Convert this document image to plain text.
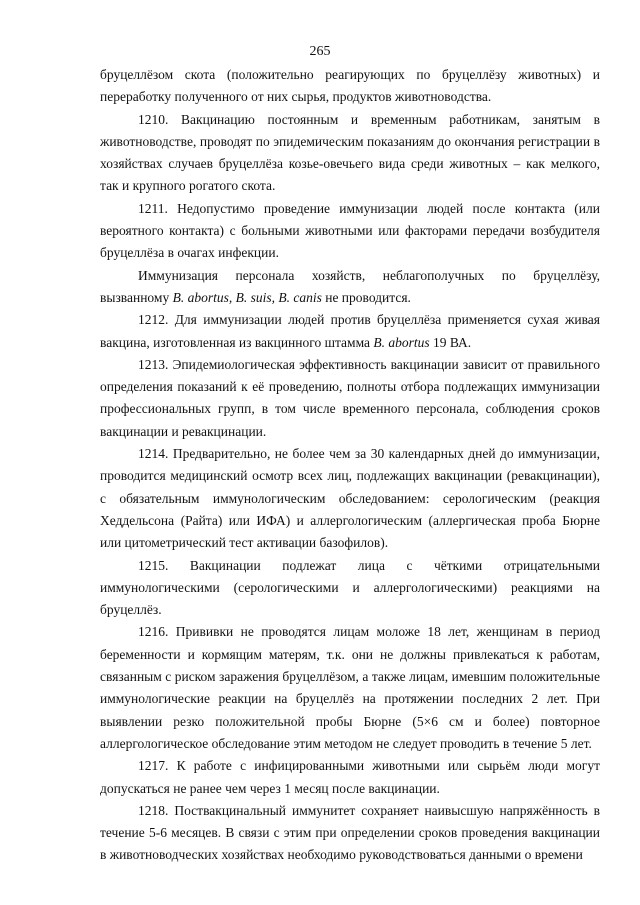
265

бруцеллёзом скота (положительно реагирующих по бруцеллёзу животных) и переработку полученного от них сырья, продуктов животноводства.

1210. Вакцинацию постоянным и временным работникам, занятым в животноводстве, проводят по эпидемическим показаниям до окончания регистрации в хозяйствах случаев бруцеллёза козье-овечьего вида среди животных – как мелкого, так и крупного рогатого скота.

1211. Недопустимо проведение иммунизации людей после контакта (или вероятного контакта) с больными животными или факторами передачи возбудителя бруцеллёза в очагах инфекции.

Иммунизация персонала хозяйств, неблагополучных по бруцеллёзу, вызванному B. abortus, B. suis, B. canis не проводится.

1212. Для иммунизации людей против бруцеллёза применяется сухая живая вакцина, изготовленная из вакцинного штамма B. abortus 19 ВА.

1213. Эпидемиологическая эффективность вакцинации зависит от правильного определения показаний к её проведению, полноты отбора подлежащих иммунизации профессиональных групп, в том числе временного персонала, соблюдения сроков вакцинации и ревакцинации.

1214. Предварительно, не более чем за 30 календарных дней до иммунизации, проводится медицинский осмотр всех лиц, подлежащих вакцинации (ревакцинации), с обязательным иммунологическим обследованием: серологическим (реакция Хеддельсона (Райта) или ИФА) и аллергологическим (аллергическая проба Бюрне или цитометрический тест активации базофилов).

1215. Вакцинации подлежат лица с чёткими отрицательными иммунологическими (серологическими и аллергологическими) реакциями на бруцеллёз.

1216. Прививки не проводятся лицам моложе 18 лет, женщинам в период беременности и кормящим матерям, т.к. они не должны привлекаться к работам, связанным с риском заражения бруцеллёзом, а также лицам, имевшим положительные иммунологические реакции на бруцеллёз на протяжении последних 2 лет. При выявлении резко положительной пробы Бюрне (5×6 см и более) повторное аллергологическое обследование этим методом не следует проводить в течение 5 лет.

1217. К работе с инфицированными животными или сырьём люди могут допускаться не ранее чем через 1 месяц после вакцинации.

1218. Поствакцинальный иммунитет сохраняет наивысшую напряжённость в течение 5-6 месяцев. В связи с этим при определении сроков проведения вакцинации в животноводческих хозяйствах необходимо руководствоваться данными о времени
